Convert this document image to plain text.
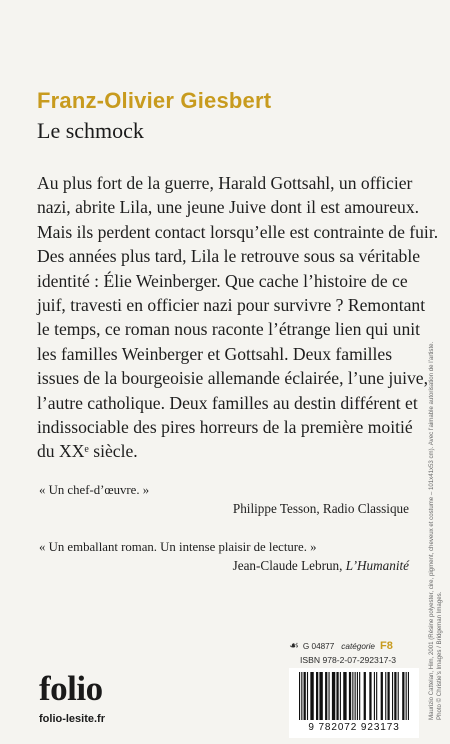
Franz-Olivier Giesbert
Le schmock

Au plus fort de la guerre, Harald Gottsahl, un officier
nazi, abrite Lila, une jeune Juive dont il est amoureux.
Mais ils perdent contact lorsqu’elle est contrainte de fuir.
Des années plus tard, Lila le retrouve sous sa véritable
identité : Élie Weinberger. Que cache l’histoire de ce
juif, travesti en officier nazi pour survivre ? Remontant
le temps, ce roman nous raconte l’étrange lien qui unit
les familles Weinberger et Gottsahl. Deux familles
issues de la bourgeoisie allemande éclairée, l’une juive,
l’autre catholique. Deux familles au destin différent et
indissociable des pires horreurs de la première moitié
du XXe siècle.

« Un chef-d’œuvre. »

Philippe Tesson, Radio Classique

« Un emballant roman. Un intense plaisir de lecture. »

Jean-Claude Lebrun, L’Humanité	Maurizio Cattelan, Him, 2001 (Résine polyester, cire, pigment, cheveux et costume – 101x41x53 cm). Avec l’aimable autorisation de l’artiste. Photo © Christie’s Images / Bridgeman Images.
folio
folio-lesite.fr
☙ G 04877 catégorie F8

ISBN 978-2-07-292317-3

9 782072 923173
